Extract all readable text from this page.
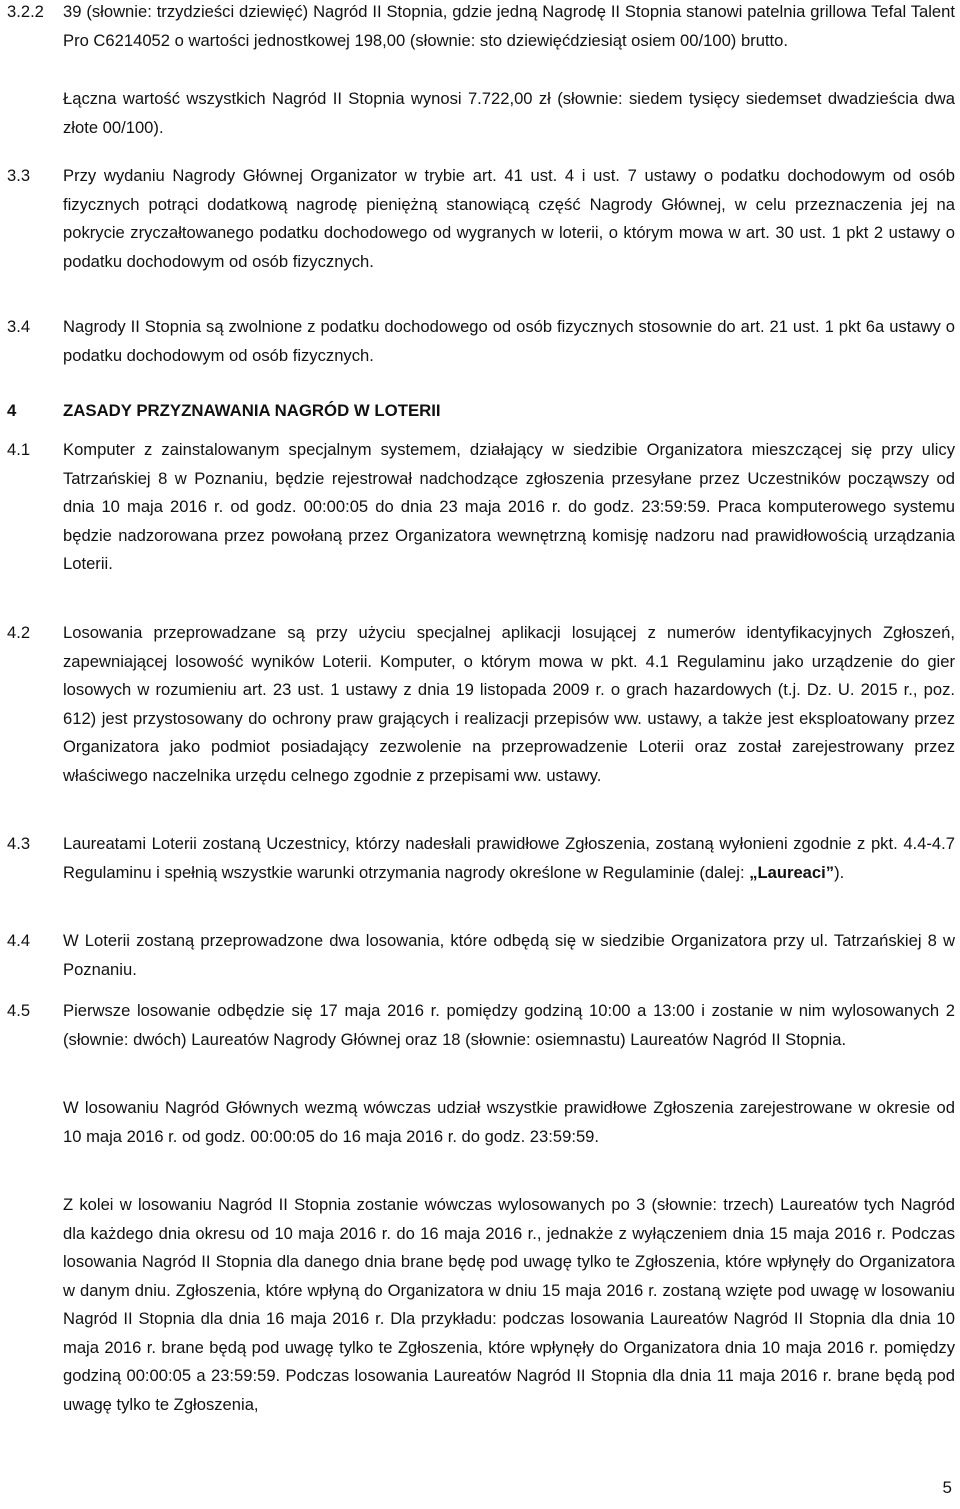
3.2.2	39 (słownie: trzydzieści dziewięć) Nagród II Stopnia, gdzie jedną Nagrodę II Stopnia stanowi patelnia grillowa Tefal Talent Pro C6214052 o wartości jednostkowej 198,00 (słownie: sto dziewięćdziesiąt osiem 00/100) brutto.
Łączna wartość wszystkich Nagród II Stopnia wynosi 7.722,00 zł (słownie: siedem tysięcy siedemset dwadzieścia dwa złote 00/100).
3.3	Przy wydaniu Nagrody Głównej Organizator w trybie art. 41 ust. 4 i ust. 7 ustawy o podatku dochodowym od osób fizycznych potrąci dodatkową nagrodę pieniężną stanowiącą część Nagrody Głównej, w celu przeznaczenia jej na pokrycie zryczałtowanego podatku dochodowego od wygranych w loterii, o którym mowa w art. 30 ust. 1 pkt 2 ustawy o podatku dochodowym od osób fizycznych.
3.4	Nagrody II Stopnia są zwolnione z podatku dochodowego od osób fizycznych stosownie do art. 21 ust. 1 pkt 6a ustawy o podatku dochodowym od osób fizycznych.
4	ZASADY PRZYZNAWANIA NAGRÓD W LOTERII
4.1	Komputer z zainstalowanym specjalnym systemem, działający w siedzibie Organizatora mieszczącej się przy ulicy Tatrzańskiej 8 w Poznaniu, będzie rejestrował nadchodzące zgłoszenia przesyłane przez Uczestników począwszy od dnia 10 maja 2016 r. od godz. 00:00:05 do dnia 23 maja 2016 r. do godz. 23:59:59. Praca komputerowego systemu będzie nadzorowana przez powołaną przez Organizatora wewnętrzną komisję nadzoru nad prawidłowością urządzania Loterii.
4.2	Losowania przeprowadzane są przy użyciu specjalnej aplikacji losującej z numerów identyfikacyjnych Zgłoszeń, zapewniającej losowość wyników Loterii. Komputer, o którym mowa w pkt. 4.1 Regulaminu jako urządzenie do gier losowych w rozumieniu art. 23 ust. 1 ustawy z dnia 19 listopada 2009 r. o grach hazardowych (t.j. Dz. U. 2015 r., poz. 612) jest przystosowany do ochrony praw grających i realizacji przepisów ww. ustawy, a także jest eksploatowany przez Organizatora jako podmiot posiadający zezwolenie na przeprowadzenie Loterii oraz został zarejestrowany przez właściwego naczelnika urzędu celnego zgodnie z przepisami ww. ustawy.
4.3	Laureatami Loterii zostaną Uczestnicy, którzy nadesłali prawidłowe Zgłoszenia, zostaną wyłonieni zgodnie z pkt. 4.4-4.7 Regulaminu i spełnią wszystkie warunki otrzymania nagrody określone w Regulaminie (dalej: „Laureaci”).
4.4	W Loterii zostaną przeprowadzone dwa losowania, które odbędą się w siedzibie Organizatora przy ul. Tatrzańskiej 8 w Poznaniu.
4.5	Pierwsze losowanie odbędzie się 17 maja 2016 r. pomiędzy godziną 10:00 a 13:00 i zostanie w nim wylosowanych 2 (słownie: dwóch) Laureatów Nagrody Głównej oraz 18 (słownie: osiemnastu) Laureatów Nagród II Stopnia.
W losowaniu Nagród Głównych wezmą wówczas udział wszystkie prawidłowe Zgłoszenia zarejestrowane w okresie od 10 maja 2016 r. od godz. 00:00:05 do 16 maja 2016 r. do godz. 23:59:59.
Z kolei w losowaniu Nagród II Stopnia zostanie wówczas wylosowanych po 3 (słownie: trzech) Laureatów tych Nagród dla każdego dnia okresu od 10 maja 2016 r. do 16 maja 2016 r., jednakże z wyłączeniem dnia 15 maja 2016 r. Podczas losowania Nagród II Stopnia dla danego dnia brane będę pod uwagę tylko te Zgłoszenia, które wpłynęły do Organizatora w danym dniu. Zgłoszenia, które wpłyną do Organizatora w dniu 15 maja 2016 r. zostaną wzięte pod uwagę w losowaniu Nagród II Stopnia dla dnia 16 maja 2016 r. Dla przykładu: podczas losowania Laureatów Nagród II Stopnia dla dnia 10 maja 2016 r. brane będą pod uwagę tylko te Zgłoszenia, które wpłynęły do Organizatora dnia 10 maja 2016 r. pomiędzy godziną 00:00:05 a 23:59:59. Podczas losowania Laureatów Nagród II Stopnia dla dnia 11 maja 2016 r. brane będą pod uwagę tylko te Zgłoszenia,
5
